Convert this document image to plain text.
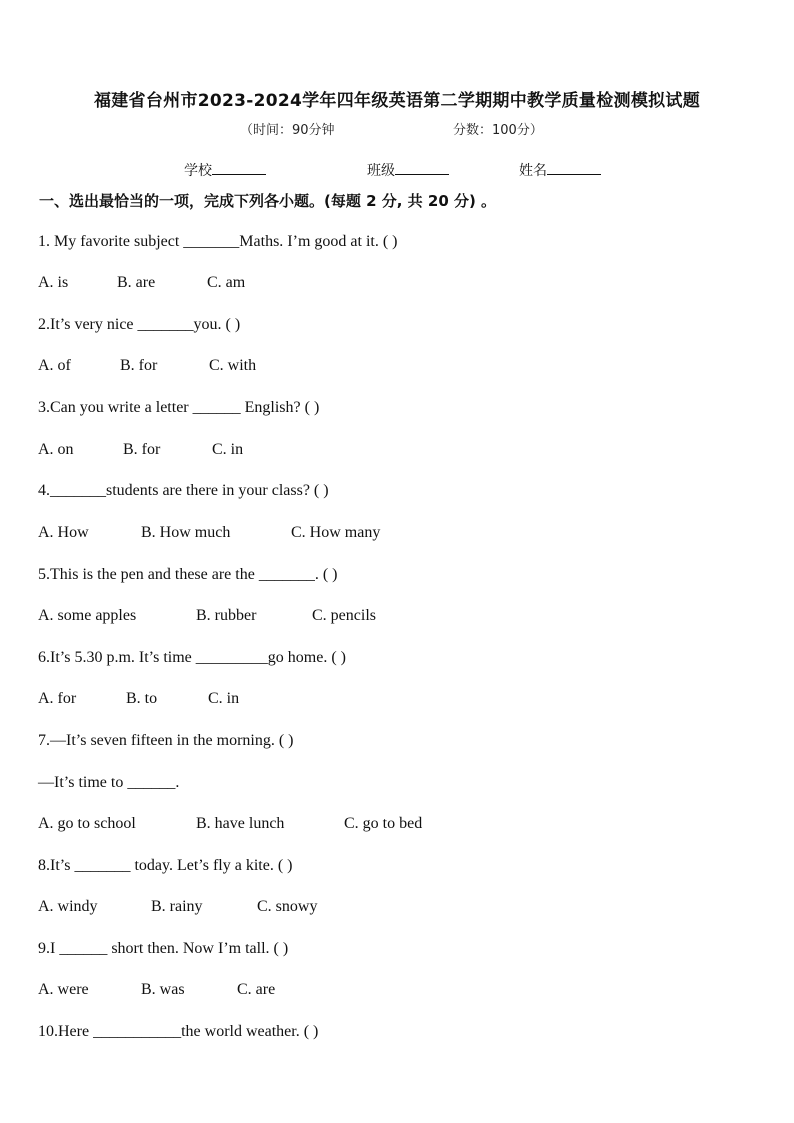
福建省台州市2023-2024学年四年级英语第二学期期中教学质量检测模拟试题
（时间：90分钟	分数：100分）
学校	班级	姓名
一、选出最恰当的一项，完成下列各小题。(每题 2 分, 共 20 分) 。
1. My favorite subject _______Maths. I’m good at it. ( )
A. is	B. are	C. am
2.It’s very nice _______you. ( )
A. of	B. for	C. with
3.Can you write a letter ______ English? ( )
A. on	B. for	C. in
4._______students are there in your class? ( )
A. How	B. How much	C. How many
5.This is the pen and these are the _______. ( )
A. some apples	B. rubber	C. pencils
6.It’s 5.30 p.m. It’s time _________go home. ( )
A. for	B. to	C. in
7.—It’s seven fifteen in the morning. ( )
—It’s time to ______.
A. go to school	B. have lunch	C. go to bed
8.It’s _______ today. Let’s fly a kite. ( )
A. windy	B. rainy	C. snowy
9.I ______ short then. Now I’m tall. ( )
A. were	B. was	C. are
10.Here ___________the world weather. ( )
